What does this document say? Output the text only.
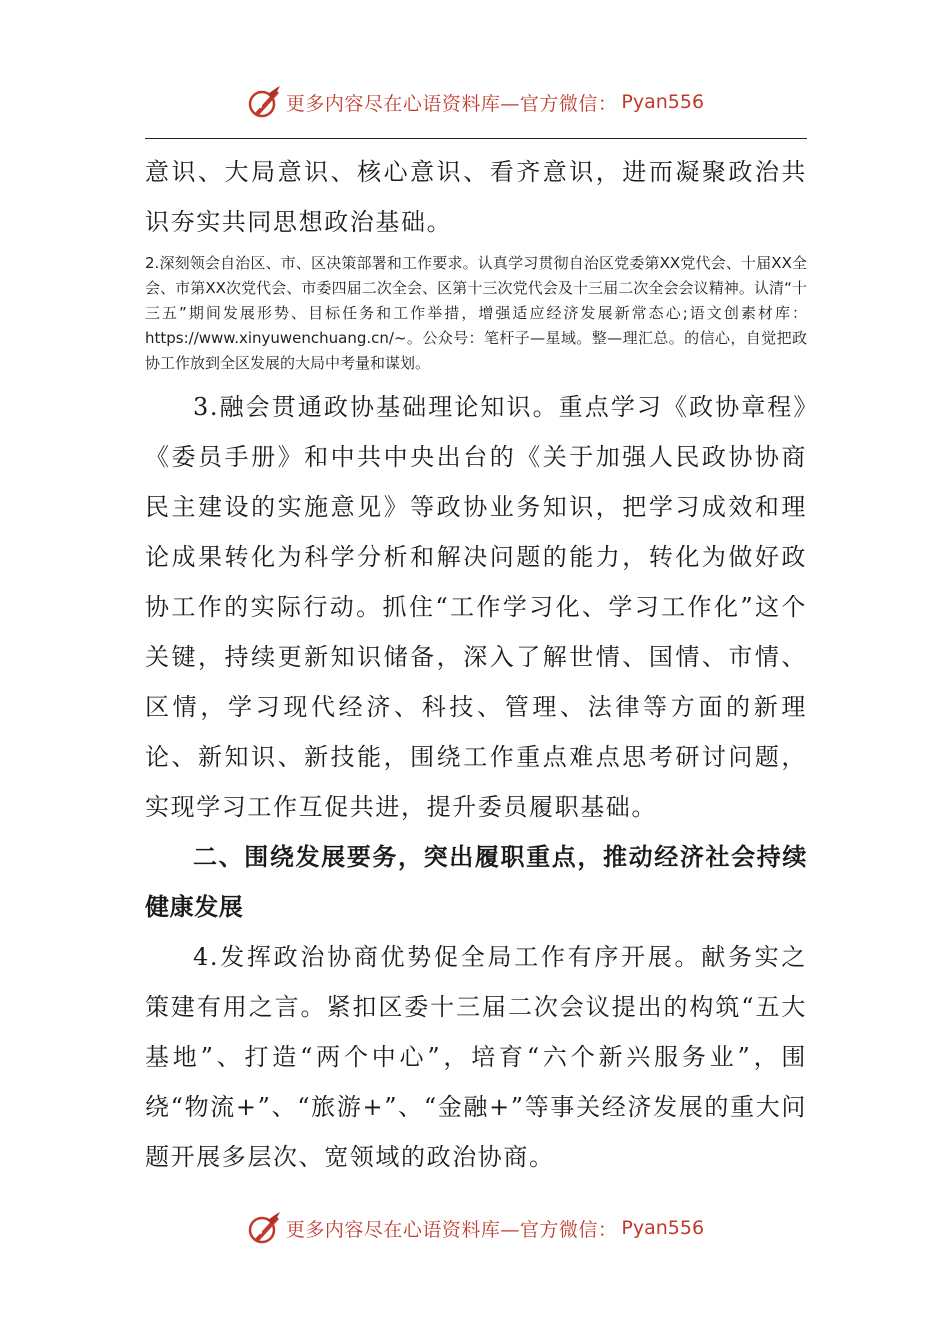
更多内容尽在心语资料库—官方微信： Pyan556

意识、大局意识、核心意识、看齐意识，进而凝聚政治共识夯实共同思想政治基础。

2.深刻领会自治区、市、区决策部署和工作要求。认真学习贯彻自治区党委第XX党代会、十届XX全会、市第XX次党代会、市委四届二次全会、区第十三次党代会及十三届二次全会会议精神。认清“十三五”期间发展形势、目标任务和工作举措，增强适应经济发展新常态心;语文创素材库：https://www.xinyuwenchuang.cn/~。公众号：笔杆子—星域。整—理汇总。的信心，自觉把政协工作放到全区发展的大局中考量和谋划。

3.融会贯通政协基础理论知识。重点学习《政协章程》《委员手册》和中共中央出台的《关于加强人民政协协商民主建设的实施意见》等政协业务知识，把学习成效和理论成果转化为科学分析和解决问题的能力，转化为做好政协工作的实际行动。抓住“工作学习化、学习工作化”这个关键，持续更新知识储备，深入了解世情、国情、市情、区情，学习现代经济、科技、管理、法律等方面的新理论、新知识、新技能，围绕工作重点难点思考研讨问题，实现学习工作互促共进，提升委员履职基础。

二、围绕发展要务，突出履职重点，推动经济社会持续健康发展

4.发挥政治协商优势促全局工作有序开展。献务实之策建有用之言。紧扣区委十三届二次会议提出的构筑“五大基地”、打造“两个中心”，培育“六个新兴服务业”，围绕“物流+”、“旅游+”、“金融+”等事关经济发展的重大问题开展多层次、宽领域的政治协商。

更多内容尽在心语资料库—官方微信： Pyan556
